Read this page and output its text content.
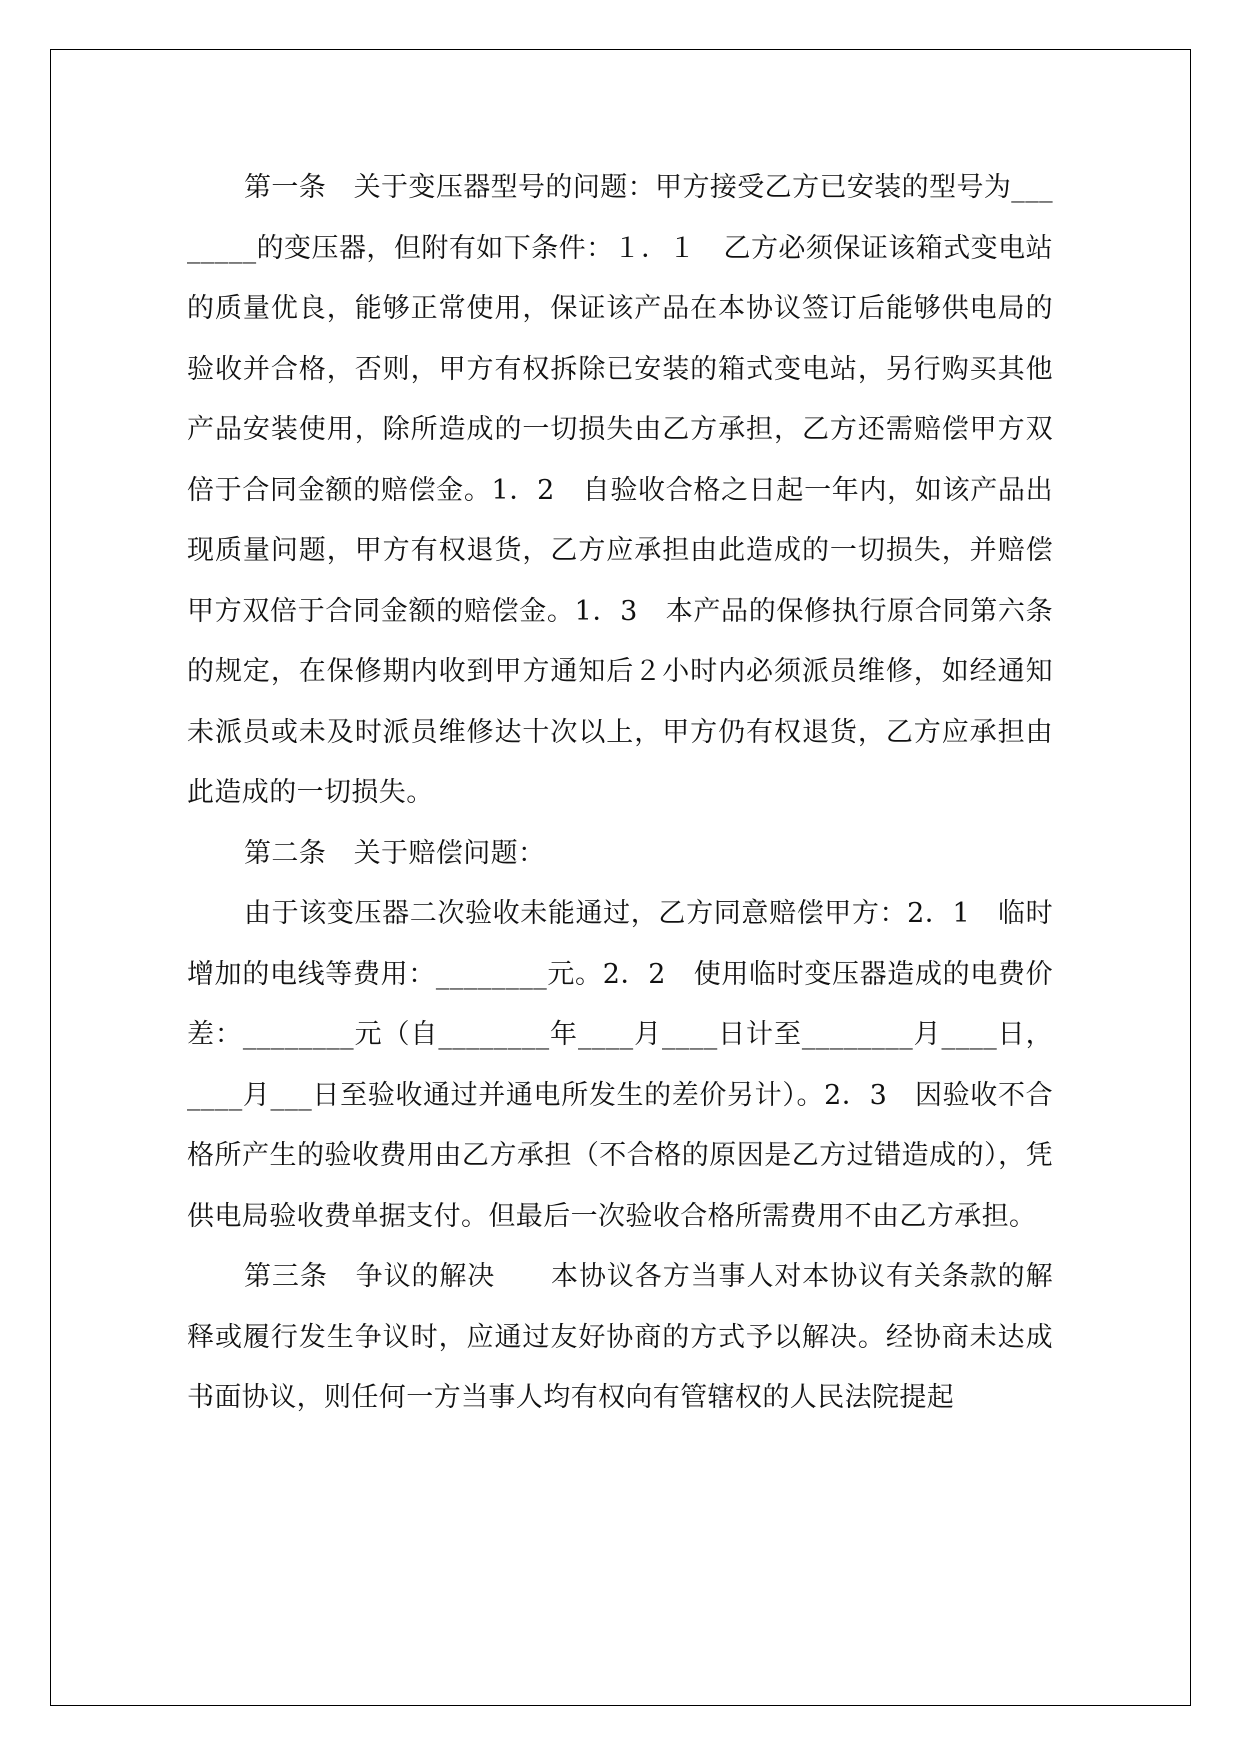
第一条　关于变压器型号的问题：甲方接受乙方已安装的型号为________的变压器，但附有如下条件：１．１　乙方必须保证该箱式变电站的质量优良，能够正常使用，保证该产品在本协议签订后能够供电局的验收并合格，否则，甲方有权拆除已安装的箱式变电站，另行购买其他产品安装使用，除所造成的一切损失由乙方承担，乙方还需赔偿甲方双倍于合同金额的赔偿金。1．2　自验收合格之日起一年内，如该产品出现质量问题，甲方有权退货，乙方应承担由此造成的一切损失，并赔偿甲方双倍于合同金额的赔偿金。1．3　本产品的保修执行原合同第六条的规定，在保修期内收到甲方通知后２小时内必须派员维修，如经通知未派员或未及时派员维修达十次以上，甲方仍有权退货，乙方应承担由此造成的一切损失。

第二条　关于赔偿问题：

由于该变压器二次验收未能通过，乙方同意赔偿甲方：2．1　临时增加的电线等费用：________元。2．2　使用临时变压器造成的电费价差：________元（自________年____月____日计至________月____日，____月___日至验收通过并通电所发生的差价另计）。2．3　因验收不合格所产生的验收费用由乙方承担（不合格的原因是乙方过错造成的），凭供电局验收费单据支付。但最后一次验收合格所需费用不由乙方承担。

第三条　争议的解决　　本协议各方当事人对本协议有关条款的解释或履行发生争议时，应通过友好协商的方式予以解决。经协商未达成书面协议，则任何一方当事人均有权向有管辖权的人民法院提起
